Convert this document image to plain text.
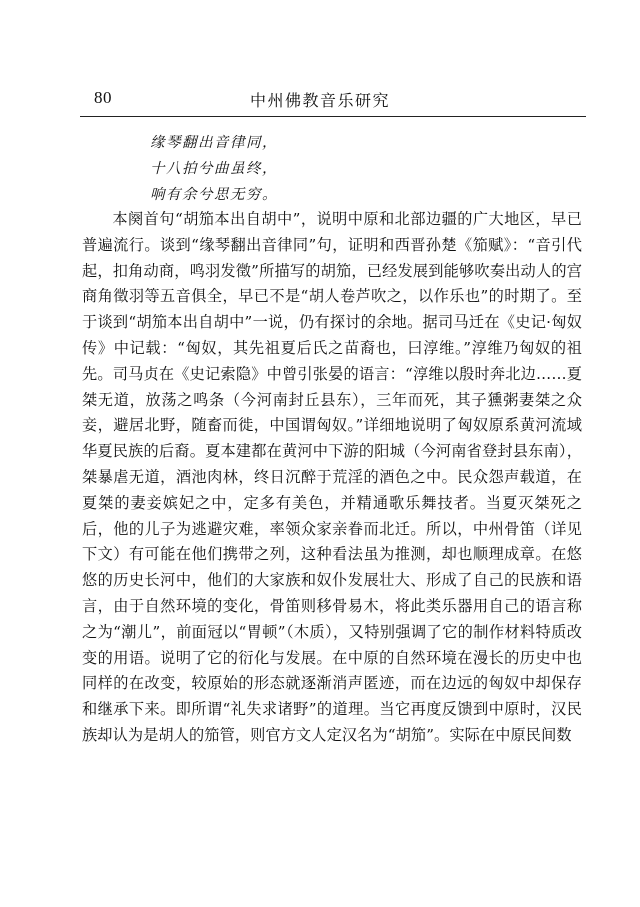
80	中州佛教音乐研究
缘琴翻出音律同，
十八拍兮曲虽终，
响有余兮思无穷。

本阕首句“胡笳本出自胡中”，说明中原和北部边疆的广大地区，早已普遍流行。谈到“缘琴翻出音律同”句，证明和西晋孙楚《笳赋》：“音引代起，扣角动商，鸣羽发徵”所描写的胡笳，已经发展到能够吹奏出动人的宫商角徵羽等五音俱全，早已不是“胡人卷芦吹之，以作乐也”的时期了。至于谈到“胡笳本出自胡中”一说，仍有探讨的余地。据司马迁在《史记·匈奴传》中记载：“匈奴，其先祖夏后氏之苗裔也，曰淳维。”淳维乃匈奴的祖先。司马贞在《史记索隐》中曾引张晏的语言：“淳维以殷时奔北边……夏桀无道，放荡之鸣条（今河南封丘县东），三年而死，其子獯粥妻桀之众妾，避居北野，随畜而徙，中国谓匈奴。”详细地说明了匈奴原系黄河流域华夏民族的后裔。夏本建都在黄河中下游的阳城（今河南省登封县东南），桀暴虐无道，酒池肉林，终日沉醉于荒淫的酒色之中。民众怨声载道，在夏桀的妻妾嫔妃之中，定多有美色，并精通歌乐舞技者。当夏灭桀死之后，他的儿子为逃避灾难，率领众家亲眷而北迁。所以，中州骨笛（详见下文）有可能在他们携带之列，这种看法虽为推测，却也顺理成章。在悠悠的历史长河中，他们的大家族和奴仆发展壮大、形成了自己的民族和语言，由于自然环境的变化，骨笛则移骨易木，将此类乐器用自己的语言称之为“潮儿”，前面冠以“胃顿”（木质），又特别强调了它的制作材料特质改变的用语。说明了它的衍化与发展。在中原的自然环境在漫长的历史中也同样的在改变，较原始的形态就逐渐消声匿迹，而在边远的匈奴中却保存和继承下来。即所谓“礼失求诸野”的道理。当它再度反馈到中原时，汉民族却认为是胡人的笳管，则官方文人定汉名为“胡笳”。实际在中原民间数
